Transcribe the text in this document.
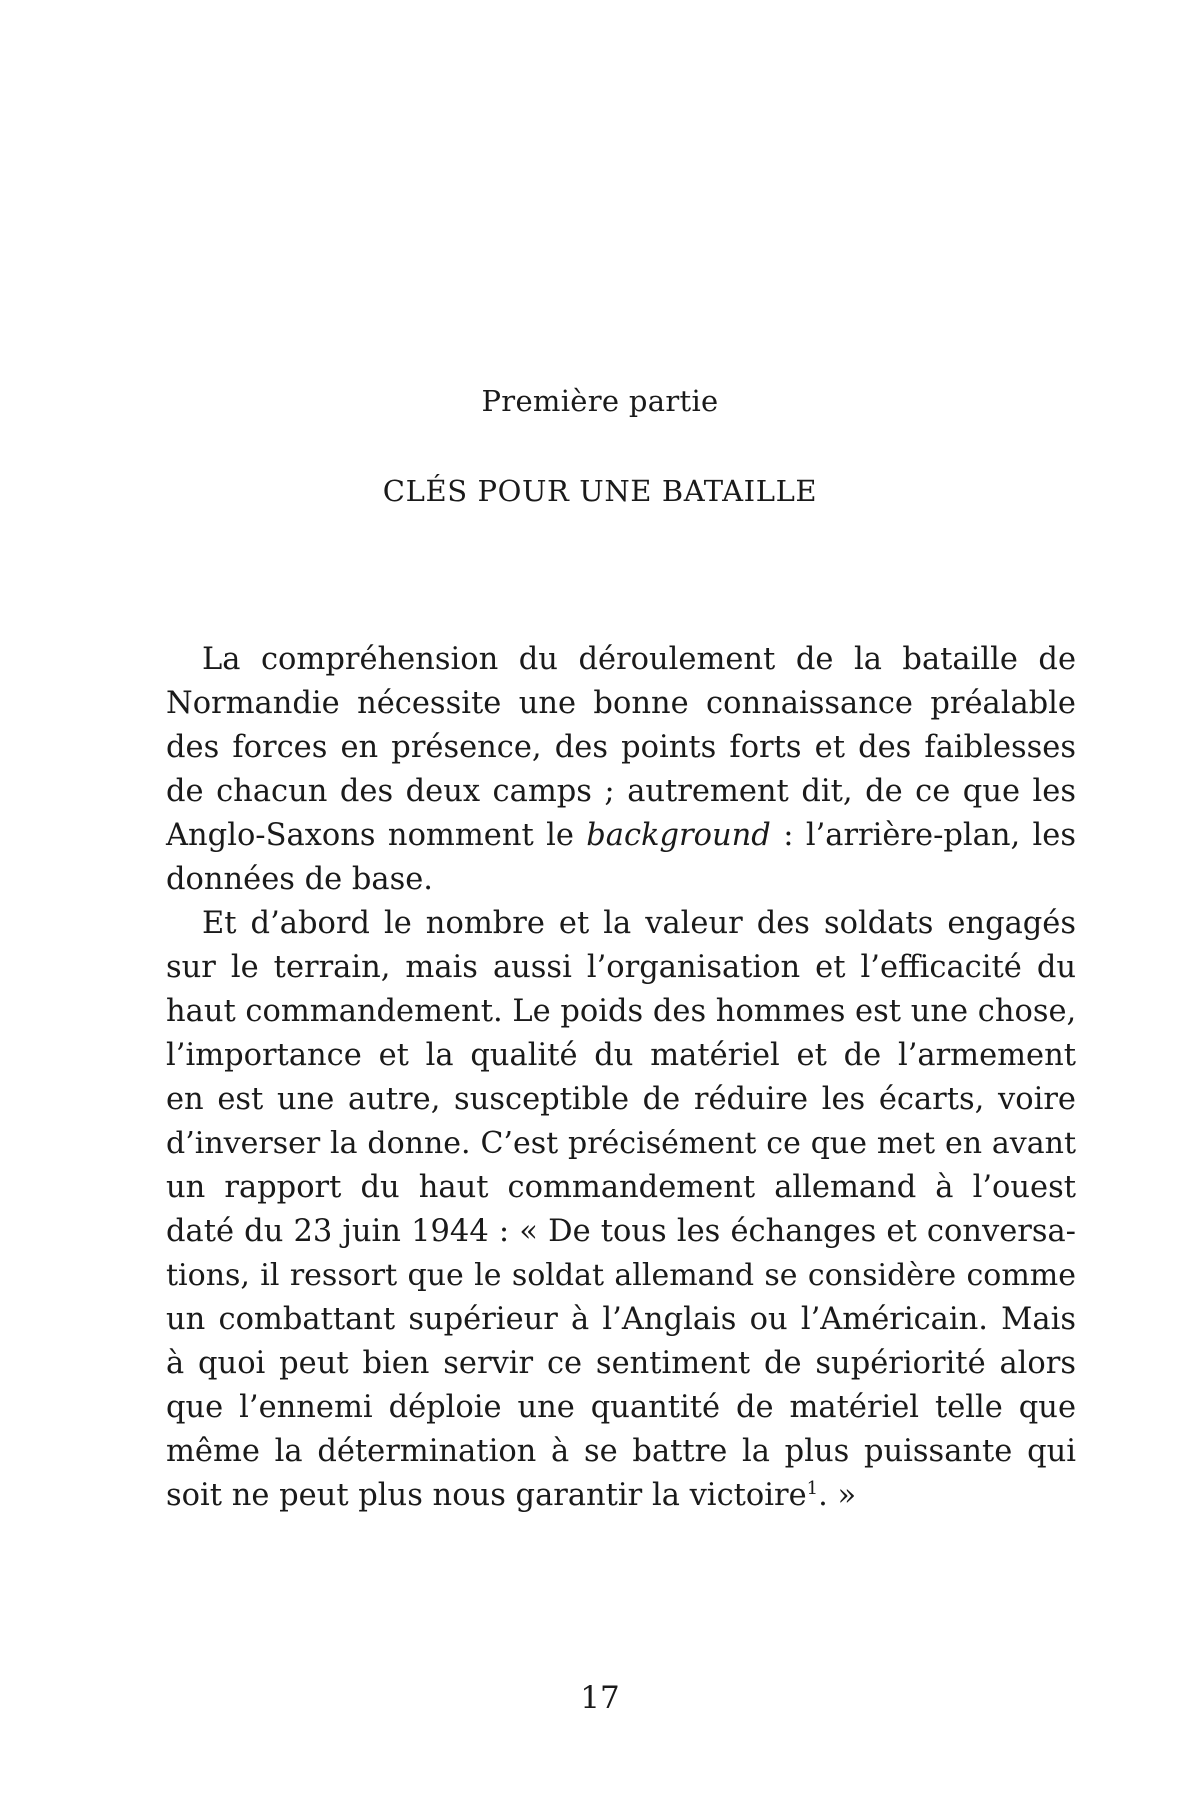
Première partie
CLÉS POUR UNE BATAILLE
La compréhension du déroulement de la bataille de
Normandie nécessite une bonne connaissance préalable
des forces en présence, des points forts et des faiblesses
de chacun des deux camps ; autrement dit, de ce que les
Anglo-Saxons nomment le background : l’arrière-plan, les
données de base.
Et d’abord le nombre et la valeur des soldats engagés
sur le terrain, mais aussi l’organisation et l’efficacité du
haut commandement. Le poids des hommes est une chose,
l’importance et la qualité du matériel et de l’armement
en est une autre, susceptible de réduire les écarts, voire
d’inverser la donne. C’est précisément ce que met en avant
un rapport du haut commandement allemand à l’ouest
daté du 23 juin 1944 : « De tous les échanges et conversa-
tions, il ressort que le soldat allemand se considère comme
un combattant supérieur à l’Anglais ou l’Américain. Mais
à quoi peut bien servir ce sentiment de supériorité alors
que l’ennemi déploie une quantité de matériel telle que
même la détermination à se battre la plus puissante qui
soit ne peut plus nous garantir la victoire$^1$. »
17
